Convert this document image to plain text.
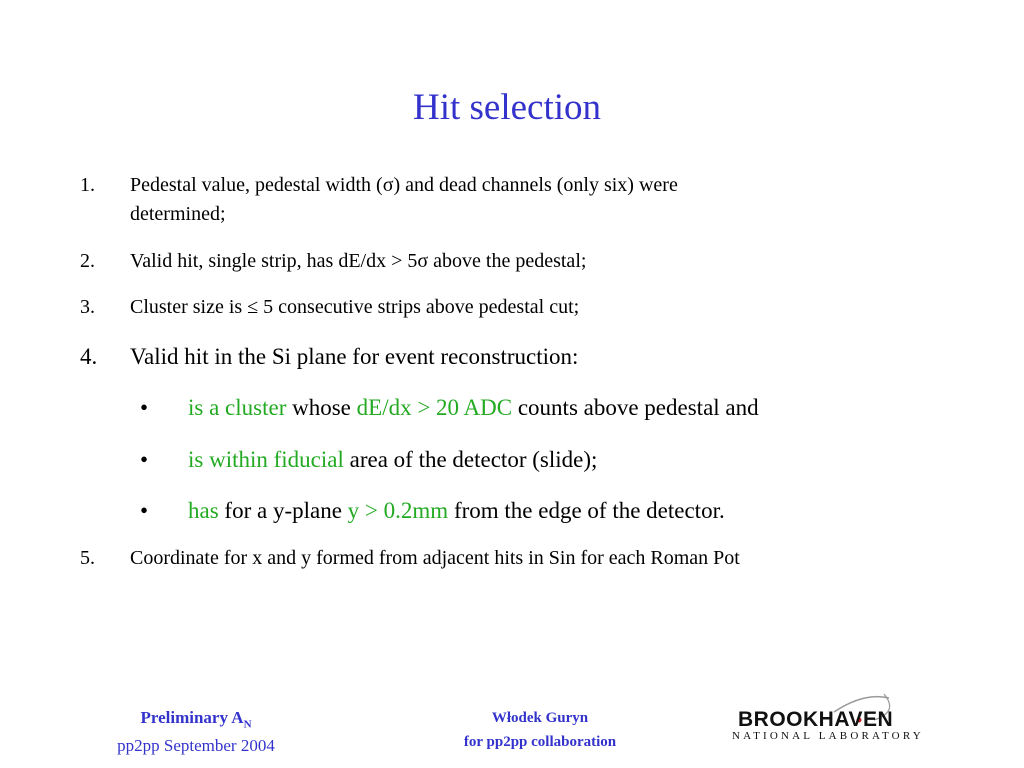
Hit selection
1. Pedestal value, pedestal width (σ) and dead channels (only six) were
determined;
2. Valid hit, single strip, has dE/dx > 5σ above the pedestal;
3. Cluster size is ≤ 5 consecutive strips above pedestal cut;
4. Valid hit in the Si plane for event reconstruction:
• is a cluster whose dE/dx > 20 ADC counts above pedestal and
• is within fiducial area of the detector (slide);
• has for a y-plane y > 0.2mm from the edge of the detector.
5. Coordinate for x and y formed from adjacent hits in Sin for each Roman Pot
Preliminary $A_N$
pp2pp September 2004
Włodek Guryn
for pp2pp collaboration
BROOKHAVEN
NATIONAL LABORATORY
